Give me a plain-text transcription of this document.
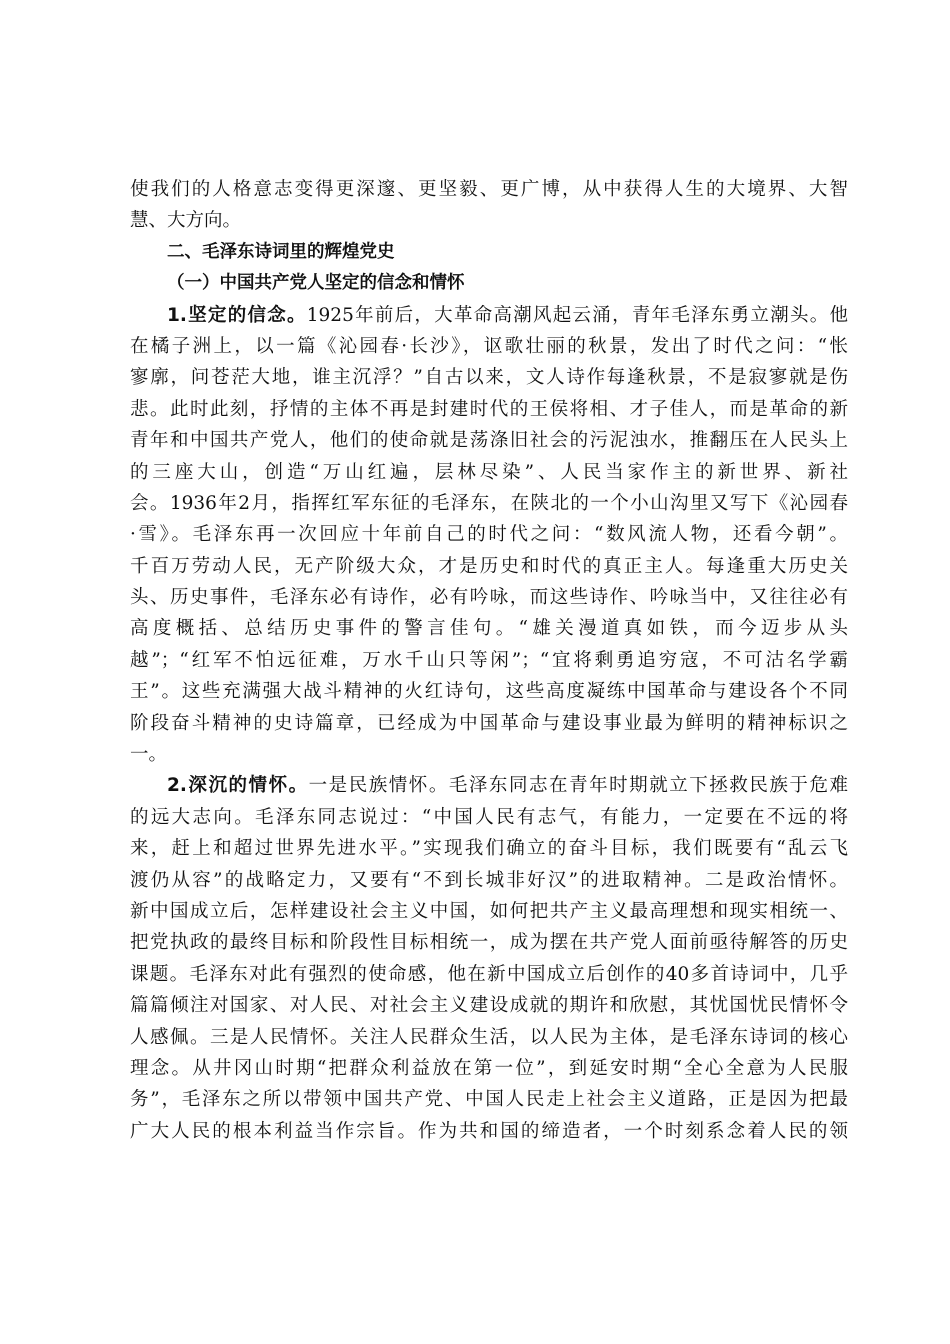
使我们的人格意志变得更深邃、更坚毅、更广博，从中获得人生的大境界、大智
慧、大方向。
二、毛泽东诗词里的辉煌党史
（一）中国共产党人坚定的信念和情怀
1.坚定的信念。1925年前后，大革命高潮风起云涌，青年毛泽东勇立潮头。他
在橘子洲上，以一篇《沁园春·长沙》，讴歌壮丽的秋景，发出了时代之问：“怅
寥廓，问苍茫大地，谁主沉浮？”自古以来，文人诗作每逢秋景，不是寂寥就是伤
悲。此时此刻，抒情的主体不再是封建时代的王侯将相、才子佳人，而是革命的新
青年和中国共产党人，他们的使命就是荡涤旧社会的污泥浊水，推翻压在人民头上
的三座大山，创造“万山红遍，层林尽染”、人民当家作主的新世界、新社
会。1936年2月，指挥红军东征的毛泽东，在陕北的一个小山沟里又写下《沁园春
·雪》。毛泽东再一次回应十年前自己的时代之问：“数风流人物，还看今朝”。
千百万劳动人民，无产阶级大众，才是历史和时代的真正主人。每逢重大历史关
头、历史事件，毛泽东必有诗作，必有吟咏，而这些诗作、吟咏当中，又往往必有
高度概括、总结历史事件的警言佳句。“雄关漫道真如铁，而今迈步从头
越”；“红军不怕远征难，万水千山只等闲”；“宜将剩勇追穷寇，不可沽名学霸
王”。这些充满强大战斗精神的火红诗句，这些高度凝练中国革命与建设各个不同
阶段奋斗精神的史诗篇章，已经成为中国革命与建设事业最为鲜明的精神标识之
一。
2.深沉的情怀。一是民族情怀。毛泽东同志在青年时期就立下拯救民族于危难
的远大志向。毛泽东同志说过：“中国人民有志气，有能力，一定要在不远的将
来，赶上和超过世界先进水平。”实现我们确立的奋斗目标，我们既要有“乱云飞
渡仍从容”的战略定力，又要有“不到长城非好汉”的进取精神。二是政治情怀。
新中国成立后，怎样建设社会主义中国，如何把共产主义最高理想和现实相统一、
把党执政的最终目标和阶段性目标相统一，成为摆在共产党人面前亟待解答的历史
课题。毛泽东对此有强烈的使命感，他在新中国成立后创作的40多首诗词中，几乎
篇篇倾注对国家、对人民、对社会主义建设成就的期许和欣慰，其忧国忧民情怀令
人感佩。三是人民情怀。关注人民群众生活，以人民为主体，是毛泽东诗词的核心
理念。从井冈山时期“把群众利益放在第一位”，到延安时期“全心全意为人民服
务”，毛泽东之所以带领中国共产党、中国人民走上社会主义道路，正是因为把最
广大人民的根本利益当作宗旨。作为共和国的缔造者，一个时刻系念着人民的领
